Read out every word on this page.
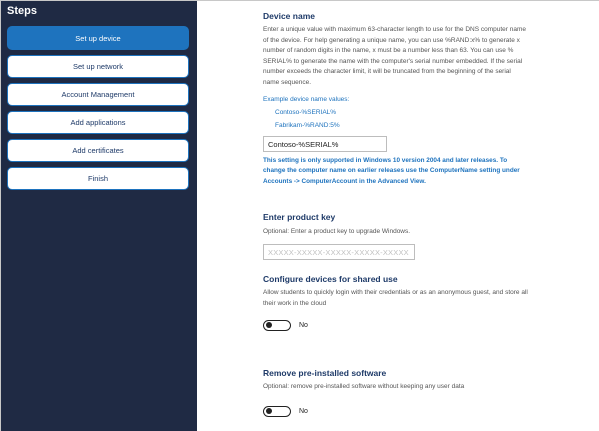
Steps
Set up device
Set up network
Account Management
Add applications
Add certificates
Finish
Device name
Enter a unique value with maximum 63-character length to use for the DNS computer name
of the device. For help generating a unique name, you can use %RAND:x% to generate x
number of random digits in the name, x must be a number less than 63. You can use %
SERIAL% to generate the name with the computer's serial number embedded. If the serial
number exceeds the character limit, it will be truncated from the beginning of the serial
name sequence.
Example device name values:
Contoso-%SERIAL%
Fabrikam-%RAND:5%
Contoso-%SERIAL%
This setting is only supported in Windows 10 version 2004 and later releases. To
change the computer name on earlier releases use the ComputerName setting under
Accounts -> ComputerAccount in the Advanced View.
Enter product key
Optional: Enter a product key to upgrade Windows.
XXXXX-XXXXX-XXXXX-XXXXX-XXXXX
Configure devices for shared use
Allow students to quickly login with their credentials or as an anonymous guest, and store all
their work in the cloud
No
Remove pre-installed software
Optional: remove pre-installed software without keeping any user data
No
